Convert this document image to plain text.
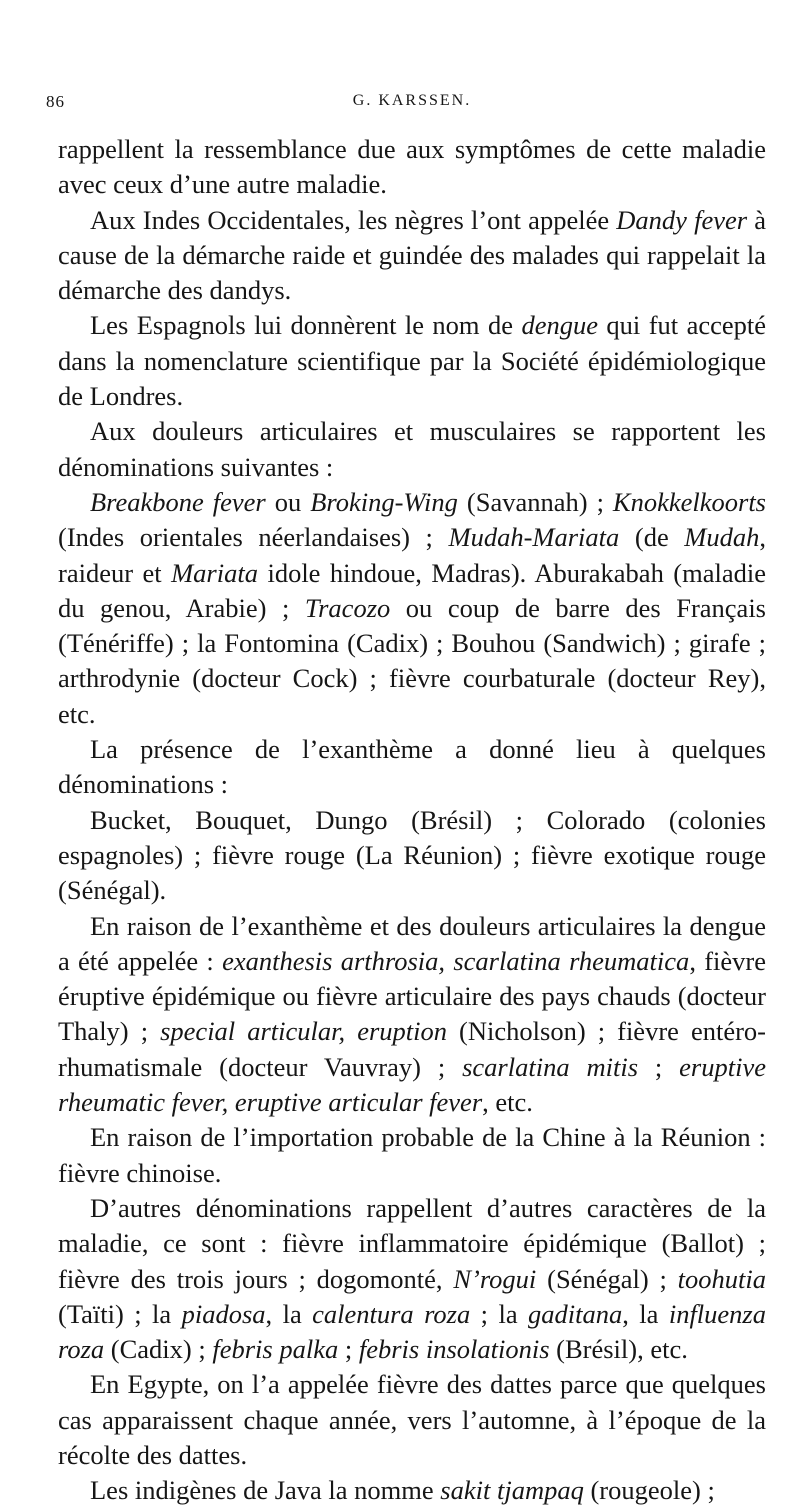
86	G. KARSSEN.

rappellent la ressemblance due aux symptômes de cette maladie avec ceux d’une autre maladie.

Aux Indes Occidentales, les nègres l’ont appelée Dandy fever à cause de la démarche raide et guindée des malades qui rappelait la démarche des dandys.

Les Espagnols lui donnèrent le nom de dengue qui fut accepté dans la nomenclature scientifique par la Société épidémiologique de Londres.

Aux douleurs articulaires et musculaires se rapportent les dénominations suivantes :

Breakbone fever ou Broking-Wing (Savannah) ; Knokkelkoorts (Indes orientales néerlandaises) ; Mudah-Mariata (de Mudah, raideur et Mariata idole hindoue, Madras). Aburakabah (maladie du genou, Arabie) ; Tracozo ou coup de barre des Français (Ténériffe) ; la Fontomina (Cadix) ; Bouhou (Sandwich) ; girafe ; arthrodynie (docteur Cock) ; fièvre courbaturale (docteur Rey), etc.

La présence de l’exanthème a donné lieu à quelques dénominations :

Bucket, Bouquet, Dungo (Brésil) ; Colorado (colonies espagnoles) ; fièvre rouge (La Réunion) ; fièvre exotique rouge (Sénégal).

En raison de l’exanthème et des douleurs articulaires la dengue a été appelée : exanthesis arthrosia, scarlatina rheumatica, fièvre éruptive épidémique ou fièvre articulaire des pays chauds (docteur Thaly) ; special articular, eruption (Nicholson) ; fièvre entéro-rhumatismale (docteur Vauvray) ; scarlatina mitis ; eruptive rheumatic fever, eruptive articular fever, etc.

En raison de l’importation probable de la Chine à la Réunion : fièvre chinoise.

D’autres dénominations rappellent d’autres caractères de la maladie, ce sont : fièvre inflammatoire épidémique (Ballot) ; fièvre des trois jours ; dogomonté, N’rogui (Sénégal) ; toohutia (Taïti) ; la piadosa, la calentura roza ; la gaditana, la influenza roza (Cadix) ; febris palka ; febris insolationis (Brésil), etc.

En Egypte, on l’a appelée fièvre des dattes parce que quelques cas apparaissent chaque année, vers l’automne, à l’époque de la récolte des dattes.

Les indigènes de Java la nomme sakit tjampaq (rougeole) ;
